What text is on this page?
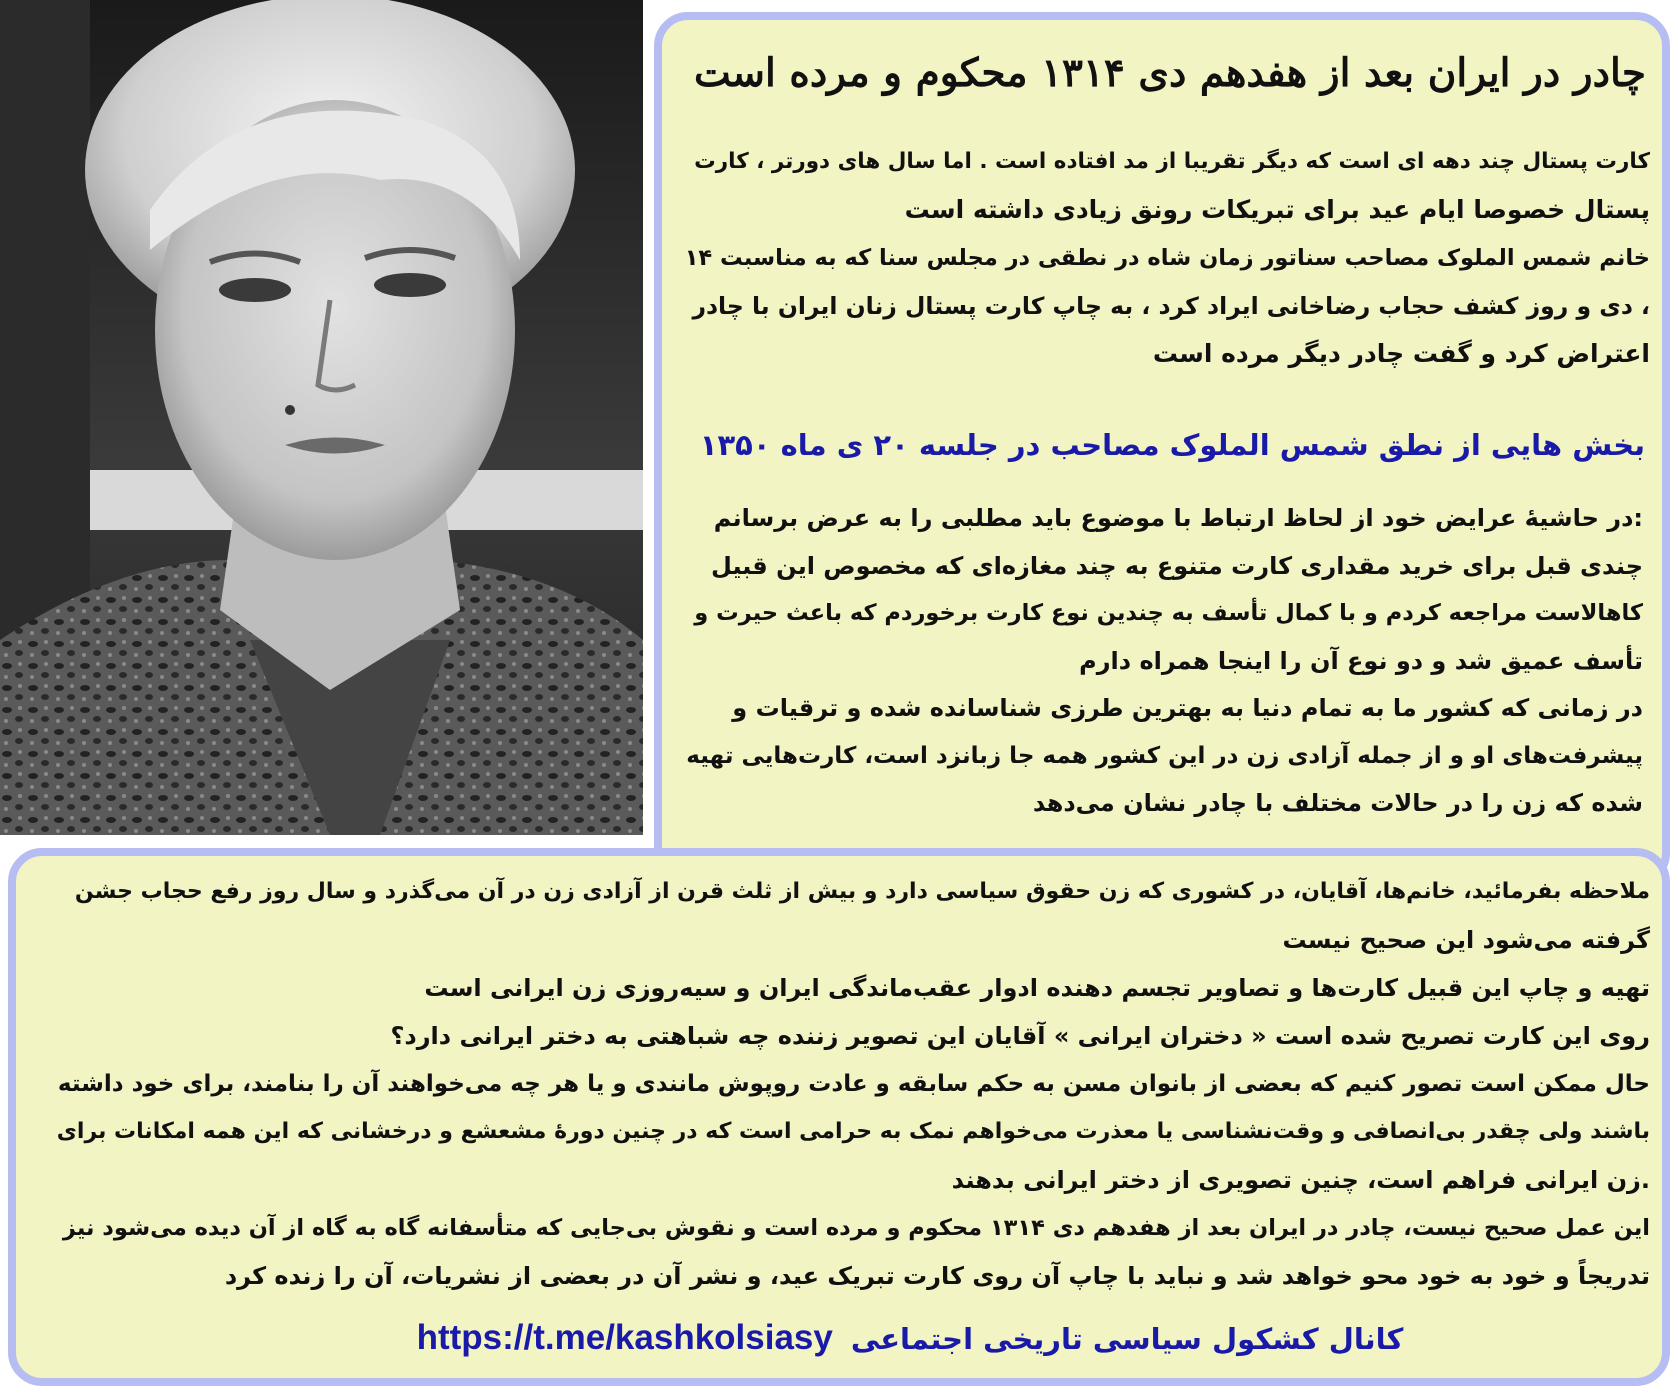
چادر در ایران بعد از هفدهم دی ۱۳۱۴ محکوم و مرده است
کارت پستال چند دهه ای است که دیگر تقریبا از مد افتاده است . اما سال های دورتر ، کارت
پستال خصوصا ایام عید برای تبریکات رونق زیادی داشته است
خانم شمس الملوک مصاحب سناتور زمان شاه در نطقی در مجلس سنا که به مناسبت ۱۴
، دی و روز کشف حجاب رضاخانی ایراد کرد ، به چاپ کارت پستال زنان ایران با چادر
اعتراض کرد و گفت چادر دیگر مرده است
بخش هایی از نطق شمس الملوک مصاحب در جلسه ۲۰ ی ماه ۱۳۵۰
:در حاشیهٔ عرایض خود از لحاظ ارتباط با موضوع باید مطلبی را به عرض برسانم
چندی قبل برای خرید مقداری کارت متنوع به چند مغازه‌ای که مخصوص این قبیل
کاهالاست مراجعه کردم و با کمال تأسف به چندین نوع کارت برخوردم که باعث حیرت و
تأسف عمیق شد و دو نوع آن را اینجا همراه دارم
در زمانی که کشور ما به تمام دنیا به بهترین طرزی شناسانده شده و ترقیات و
پیشرفت‌های او و از جمله آزادی زن در این کشور همه جا زبانزد است، کارت‌هایی تهیه
شده که زن را در حالات مختلف با چادر نشان می‌دهد
ملاحظه بفرمائید، خانم‌ها، آقایان، در کشوری که زن حقوق سیاسی دارد و بیش از ثلث قرن از آزادی زن در آن می‌گذرد و سال روز رفع حجاب جشن
گرفته می‌شود این صحیح نیست
تهیه و چاپ این قبیل کارت‌ها و تصاویر تجسم دهنده ادوار عقب‌ماندگی ایران و سیه‌روزی زن ایرانی است
روی این کارت تصریح شده است « دختران ایرانی » آقایان این تصویر زننده چه شباهتی به دختر ایرانی دارد؟
حال ممکن است تصور کنیم که بعضی از بانوان مسن به حکم سابقه و عادت روپوش مانندی و یا هر چه می‌خواهند آن را بنامند، برای خود داشته
باشند ولی چقدر بی‌انصافی و وقت‌نشناسی یا معذرت می‌خواهم نمک به حرامی است که در چنین دورهٔ مشعشع و درخشانی که این همه امکانات برای
.زن ایرانی فراهم است، چنین تصویری از دختر ایرانی بدهند
این عمل صحیح نیست، چادر در ایران بعد از هفدهم دی ۱۳۱۴ محکوم و مرده است و نقوش بی‌جایی که متأسفانه گاه به گاه از آن دیده می‌شود نیز
تدریجاً و خود به خود محو خواهد شد و نباید با چاپ آن روی کارت تبریک عید، و نشر آن در بعضی از نشریات، آن را زنده کرد
کانال کشکول سیاسی تاریخی اجتماعیhttps://t.me/kashkolsiasy
